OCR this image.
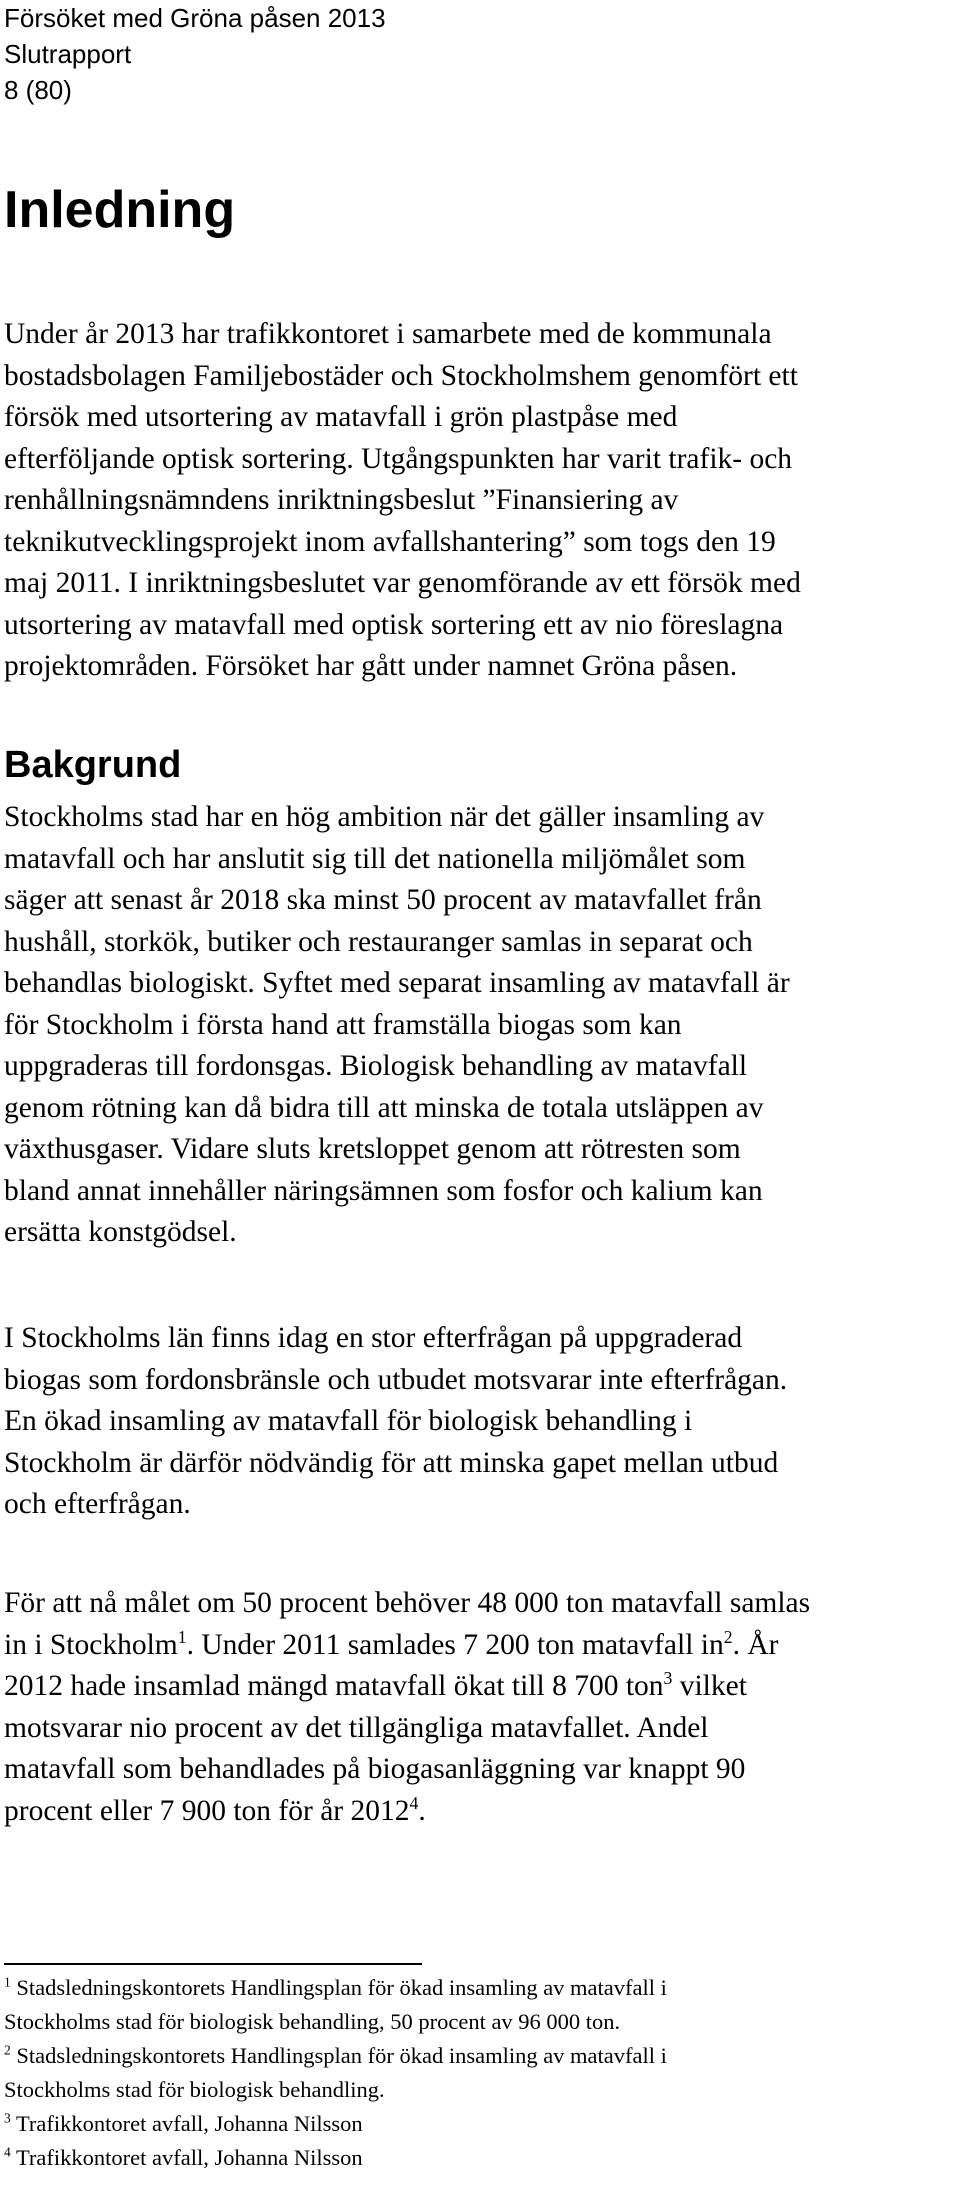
Försöket med Gröna påsen 2013
Slutrapport
8 (80)
Inledning

Under år 2013 har trafikkontoret i samarbete med de kommunala
bostadsbolagen Familjebostäder och Stockholmshem genomfört ett
försök med utsortering av matavfall i grön plastpåse med
efterföljande optisk sortering. Utgångspunkten har varit trafik- och
renhållningsnämndens inriktningsbeslut ”Finansiering av
teknikutvecklingsprojekt inom avfallshantering” som togs den 19
maj 2011. I inriktningsbeslutet var genomförande av ett försök med
utsortering av matavfall med optisk sortering ett av nio föreslagna
projektområden. Försöket har gått under namnet Gröna påsen.

Bakgrund

Stockholms stad har en hög ambition när det gäller insamling av
matavfall och har anslutit sig till det nationella miljömålet som
säger att senast år 2018 ska minst 50 procent av matavfallet från
hushåll, storkök, butiker och restauranger samlas in separat och
behandlas biologiskt. Syftet med separat insamling av matavfall är
för Stockholm i första hand att framställa biogas som kan
uppgraderas till fordonsgas. Biologisk behandling av matavfall
genom rötning kan då bidra till att minska de totala utsläppen av
växthusgaser. Vidare sluts kretsloppet genom att rötresten som
bland annat innehåller näringsämnen som fosfor och kalium kan
ersätta konstgödsel.

I Stockholms län finns idag en stor efterfrågan på uppgraderad
biogas som fordonsbränsle och utbudet motsvarar inte efterfrågan.
En ökad insamling av matavfall för biologisk behandling i
Stockholm är därför nödvändig för att minska gapet mellan utbud
och efterfrågan.

För att nå målet om 50 procent behöver 48 000 ton matavfall samlas
in i Stockholm$^1$. Under 2011 samlades 7 200 ton matavfall $in^2$. År
2012 hade insamlad mängd matavfall ökat till 8 700 ton$^3$ vilket
motsvarar nio procent av det tillgängliga matavfallet. Andel
matavfall som behandlades på biogasanläggning var knappt 90
procent eller 7 900 ton för år 2012$^4$.

$^1$ Stadsledningskontorets Handlingsplan för ökad insamling av matavfall i
Stockholms stad för biologisk behandling, 50 procent av 96 000 ton.
$^2$ Stadsledningskontorets Handlingsplan för ökad insamling av matavfall i
Stockholms stad för biologisk behandling.
$^3$ Trafikkontoret avfall, Johanna Nilsson
$^4$ Trafikkontoret avfall, Johanna Nilsson
